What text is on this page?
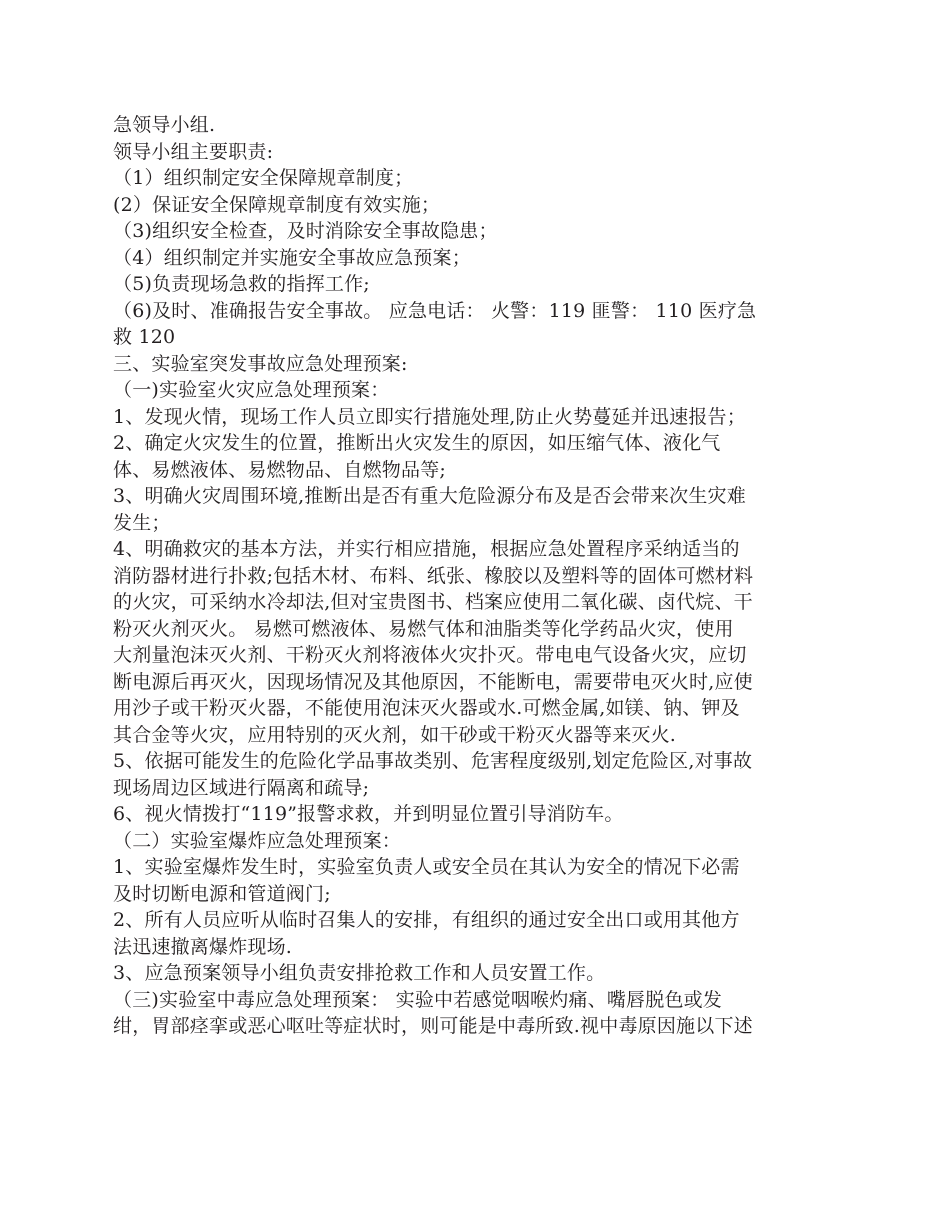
急领导小组.
领导小组主要职责:
（1）组织制定安全保障规章制度；
(2）保证安全保障规章制度有效实施；
（3)组织安全检查，及时消除安全事故隐患；
（4）组织制定并实施安全事故应急预案；
（5)负责现场急救的指挥工作;
（6)及时、准确报告安全事故。 应急电话： 火警：119 匪警： 110 医疗急
救 120
三、实验室突发事故应急处理预案:
（一)实验室火灾应急处理预案：
1、发现火情，现场工作人员立即实行措施处理,防止火势蔓延并迅速报告；
2、确定火灾发生的位置，推断出火灾发生的原因，如压缩气体、液化气
体、易燃液体、易燃物品、自燃物品等;
3、明确火灾周围环境,推断出是否有重大危险源分布及是否会带来次生灾难
发生；
4、明确救灾的基本方法，并实行相应措施，根据应急处置程序采纳适当的
消防器材进行扑救;包括木材、布料、纸张、橡胶以及塑料等的固体可燃材料
的火灾，可采纳水冷却法,但对宝贵图书、档案应使用二氧化碳、卤代烷、干
粉灭火剂灭火。 易燃可燃液体、易燃气体和油脂类等化学药品火灾，使用
大剂量泡沫灭火剂、干粉灭火剂将液体火灾扑灭。带电电气设备火灾，应切
断电源后再灭火，因现场情况及其他原因，不能断电，需要带电灭火时,应使
用沙子或干粉灭火器，不能使用泡沫灭火器或水.可燃金属,如镁、钠、钾及
其合金等火灾，应用特别的灭火剂，如干砂或干粉灭火器等来灭火.
5、依据可能发生的危险化学品事故类别、危害程度级别,划定危险区,对事故
现场周边区域进行隔离和疏导;
6、视火情拨打“119”报警求救，并到明显位置引导消防车。
（二）实验室爆炸应急处理预案：
1、实验室爆炸发生时，实验室负责人或安全员在其认为安全的情况下必需
及时切断电源和管道阀门;
2、所有人员应听从临时召集人的安排，有组织的通过安全出口或用其他方
法迅速撤离爆炸现场.
3、应急预案领导小组负责安排抢救工作和人员安置工作。
（三)实验室中毒应急处理预案： 实验中若感觉咽喉灼痛、嘴唇脱色或发
绀，胃部痉挛或恶心呕吐等症状时，则可能是中毒所致.视中毒原因施以下述
